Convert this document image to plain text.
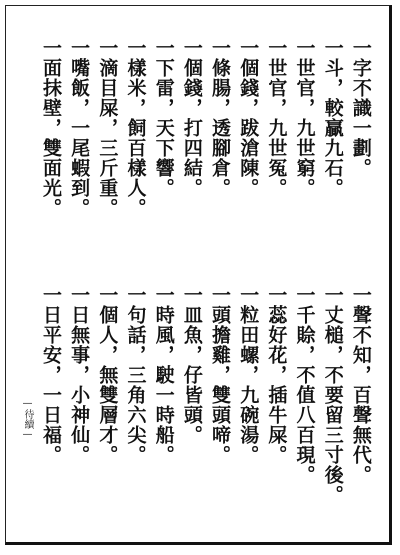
一字不識一劃。
一斗，較贏九石。
一世官，九世窮。
一世官，九世冤。
一個錢，跋滄陳。
一條腸，透腳倉。
一個錢，打四結。
一下雷，天下響。
一樣米，飼百樣人。
一滴目屎，三斤重。
一嘴飯，一尾蝦到。
一面抹壁，雙面光。
一聲不知，百聲無代。
一丈槌，不要留三寸後。
一千賒，不值八百現。
一蕊好花，插牛屎。
一粒田螺，九碗湯。
一頭擔雞，雙頭啼。
一皿魚，仔皆頭。
一時風，駛一時船。
一句話，三角六尖。
一個人，無雙層才。
一日無事，小神仙。
一日平安，一日福。
—待續—
